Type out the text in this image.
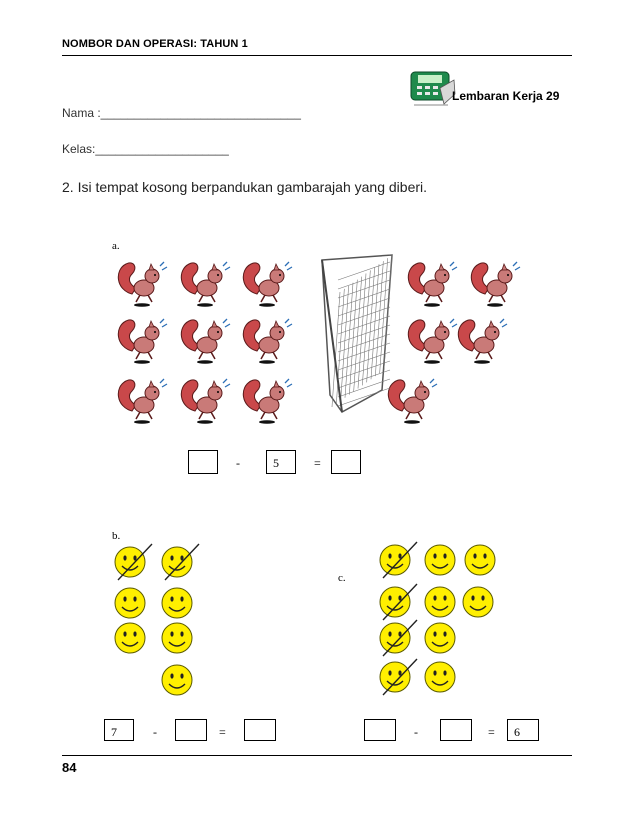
NOMBOR DAN OPERASI: TAHUN 1
Lembaran Kerja 29
Nama :______________________________
Kelas:____________________
2. Isi tempat kosong berpandukan gambarajah yang diberi.
a.
-	5	=
b.
7	-	=
c.
-	=	6
84
